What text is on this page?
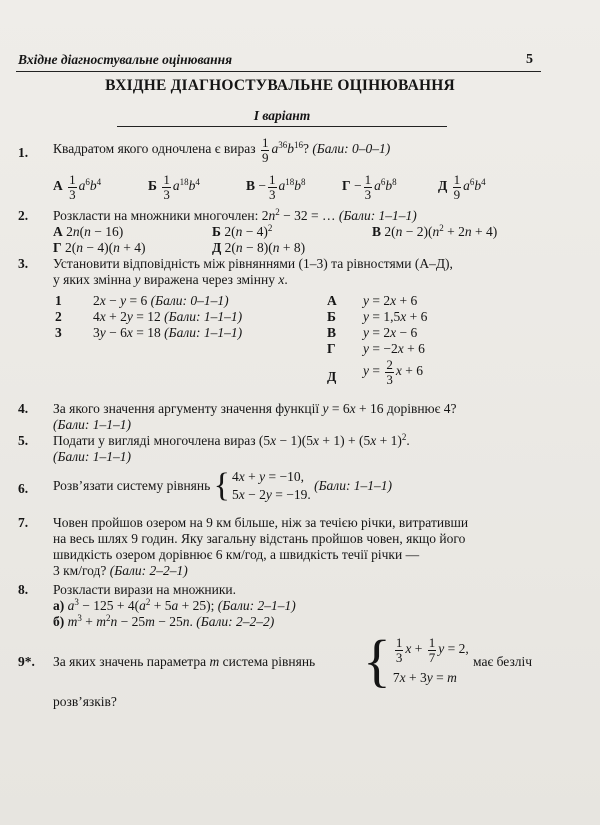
Вхідне діагностувальне оцінювання	5
ВХІДНЕ ДІАГНОСТУВАЛЬНЕ ОЦІНЮВАННЯ
І варіант
1. Квадратом якого одночлена є вираз $\frac{1}{9} a^{36}b^{16}$? (Бали: 0–0–1)
А $\frac{1}{3} a^6b^4$	Б $\frac{1}{3} a^{18}b^4$	$В - \frac{1}{3} a^{18}b^8$	$Г - \frac{1}{3} a^6b^8$	Д $\frac{1}{9} a^6b^4$
2. Розкласти на множники многочлен: $2n^2 - 32$ = … (Бали: 1–1–1)
А 2n(n − 16)	Б $2(n - 4)^2$	В $2(n - 2)(n^2 + 2n + 4)$
Г 2(n − 4)(n + 4)	Д 2(n − 8)(n + 8)
3. Установити відповідність між рівняннями (1–3) та рівностями (А–Д),
у яких змінна y виражена через змінну x.
1 2x − y = 6 (Бали: 0–1–1)
2 4x + 2y = 12 (Бали: 1–1–1)
3 3y − 6x = 18 (Бали: 1–1–1)
А y = 2x + 6
Б y = 1,5x + 6
В y = 2x − 6
Г y = −2x + 6
Д $y = \frac{2}{3}$ x + 6
4. За якого значення аргументу значення функції y = 6x + 16 дорівнює 4?
(Бали: 1–1–1)
5. Подати у вигляді многочлена вираз $(5x - 1)(5x + 1) + (5x + 1)^2$.
(Бали: 1–1–1)
6. Розв’язати систему рівнянь { 4x + y = −10,
5x − 2y = −19. (Бали: 1–1–1)
7. Човен пройшов озером на 9 км більше, ніж за течією річки, витративши
на весь шлях 9 годин. Яку загальну відстань пройшов човен, якщо його
швидкість озером дорівнює 6 км/год, а швидкість течії річки —
3 км/год? (Бали: 2–2–1)
8. Розкласти вирази на множники.
а) $a^3 - 125 + 4(a^2 + 5a + 25)$; (Бали: 2–1–1)
б) $m^3 + m^2n - 25m - 25n$. (Бали: 2–2–2)
9*. За яких значень параметра m система рівнянь { $\frac{1}{3}$ $x + \frac{1}{7}$ y = 2,
7x + 3y = m
має безліч
розв’язків?
